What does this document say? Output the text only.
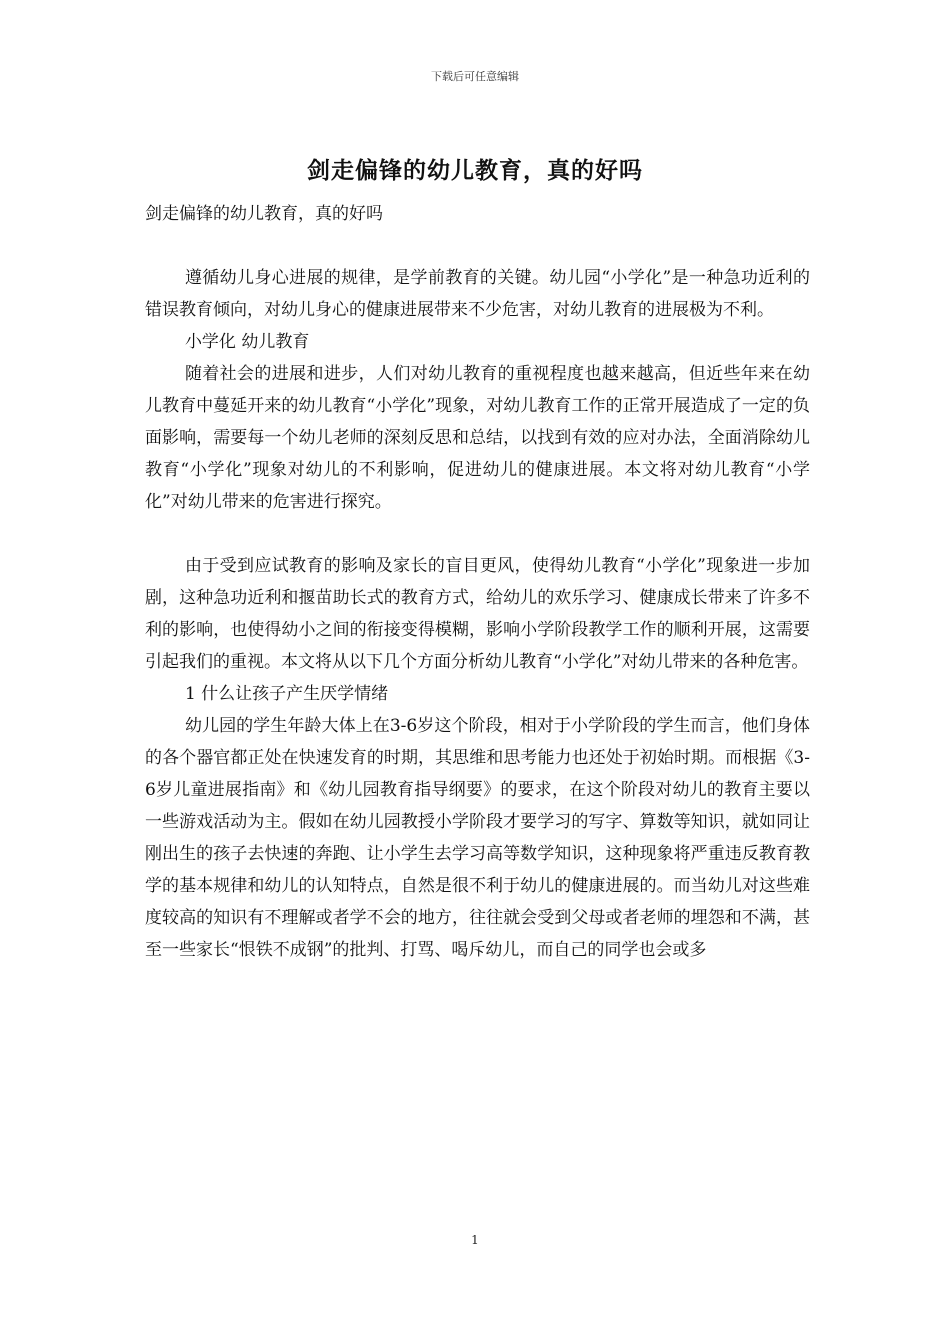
下载后可任意编辑
剑走偏锋的幼儿教育，真的好吗

剑走偏锋的幼儿教育，真的好吗

遵循幼儿身心进展的规律，是学前教育的关键。幼儿园“小学化”是一种急功近利的错误教育倾向，对幼儿身心的健康进展带来不少危害，对幼儿教育的进展极为不利。

小学化 幼儿教育

随着社会的进展和进步，人们对幼儿教育的重视程度也越来越高，但近些年来在幼儿教育中蔓延开来的幼儿教育“小学化”现象，对幼儿教育工作的正常开展造成了一定的负面影响，需要每一个幼儿老师的深刻反思和总结，以找到有效的应对办法，全面消除幼儿教育“小学化”现象对幼儿的不利影响，促进幼儿的健康进展。本文将对幼儿教育“小学化”对幼儿带来的危害进行探究。

由于受到应试教育的影响及家长的盲目更风，使得幼儿教育“小学化”现象进一步加剧，这种急功近利和揠苗助长式的教育方式，给幼儿的欢乐学习、健康成长带来了许多不利的影响，也使得幼小之间的衔接变得模糊，影响小学阶段教学工作的顺利开展，这需要引起我们的重视。本文将从以下几个方面分析幼儿教育“小学化”对幼儿带来的各种危害。

1 什么让孩子产生厌学情绪

幼儿园的学生年龄大体上在3-6岁这个阶段，相对于小学阶段的学生而言，他们身体的各个器官都正处在快速发育的时期，其思维和思考能力也还处于初始时期。而根据《3-6岁儿童进展指南》和《幼儿园教育指导纲要》的要求，在这个阶段对幼儿的教育主要以一些游戏活动为主。假如在幼儿园教授小学阶段才要学习的写字、算数等知识，就如同让刚出生的孩子去快速的奔跑、让小学生去学习高等数学知识，这种现象将严重违反教育教学的基本规律和幼儿的认知特点，自然是很不利于幼儿的健康进展的。而当幼儿对这些难度较高的知识有不理解或者学不会的地方，往往就会受到父母或者老师的埋怨和不满，甚至一些家长“恨铁不成钢”的批判、打骂、喝斥幼儿，而自己的同学也会或多

1
